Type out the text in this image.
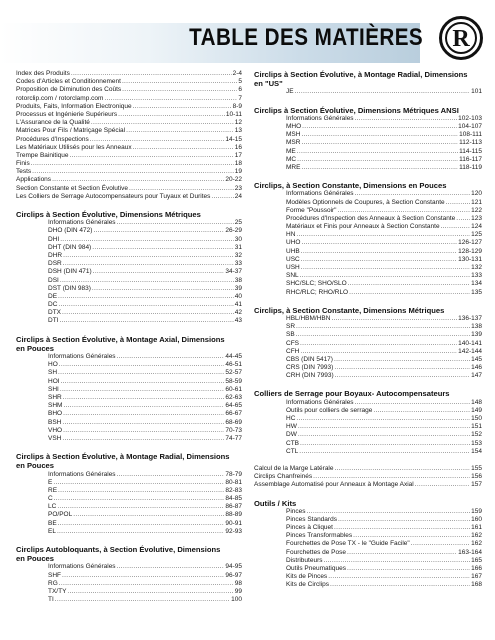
TABLE DES MATIÈRES R
Index des Produits .....	2-4
Codes d'Articles et Conditionnement .....	5
Proposition de Diminution des Coûts .....	6
rotorclip.com / rotorclamp.com .....	7
Produits, Faits, Information Electronique .....	8-9
Processus et Ingénierie Supérieurs .....	10-11
L'Assurance de la Qualité .....	12
Matrices Pour Fils / Matriçage Spécial .....	13
Procédures d'Inspections .....	14-15
Les Matériaux Utilisés pour les Anneaux .....	16
Trempe Bainitique .....	17
Finis .....	18
Tests .....	19
Applications .....	20-22
Section Constante et Section Évolutive .....	23
Les Colliers de Serrage Autocompensateurs pour Tuyaux et Durites .....	24
Circlips à Section Évolutive, Dimensions Métriques
Informations Générales .....	25
DHO (DIN 472) .....	26-29
DHI .....	30
DHT (DIN 984) .....	31
DHR .....	32
DSR .....	33
DSH (DIN 471) .....	34-37
DSI .....	38
DST (DIN 983) .....	39
DE .....	40
DC .....	41
DTX .....	42
DTI .....	43
Circlips à Section Évolutive, à Montage Axial, Dimensions
en Pouces
Informations Générales .....	44-45
HO .....	46-51
SH .....	52-57
HOI .....	58-59
SHI .....	60-61
SHR .....	62-63
SHM .....	64-65
BHO .....	66-67
BSH .....	68-69
VHO .....	70-73
VSH .....	74-77
Circlips à Section Évolutive, à Montage Radial, Dimensions
en Pouces
Informations Générales .....	78-79
E .....	80-81
RE .....	82-83
C .....	84-85
LC .....	86-87
PO/POL .....	88-89
BE .....	90-91
EL .....	92-93
Circlips Autobloquants, à Section Évolutive, Dimensions
en Pouces
Informations Générales .....	94-95
SHF .....	96-97
RG .....	98
TX/TY .....	99
TI .....	100
Circlips à Section Évolutive, à Montage Radial, Dimensions
en "US"
JE .....	101
Circlips à Section Évolutive, Dimensions Métriques ANSI
Informations Générales .....	102-103
MHO .....	104-107
MSH .....	108-111
MSR .....	112-113
ME .....	114-115
MC .....	116-117
MRE .....	118-119
Circlips, à Section Constante, Dimensions en Pouces
Informations Générales .....	120
Modèles Optionnels de Coupures, à Section Constante .....	121
Forme "Poussoir" .....	122
Procédures d'Inspection des Anneaux à Section Constante ..... 123
Matériaux et Finis pour Anneaux à Section Constante .....	124
HN .....	125
UHO .....	126-127
UHB .....	128-129
USC .....	130-131
USH .....	132
SNL .....	133
SHC/SLC; SHO/SLO .....	134
RHC/RLC; RHO/RLO .....	135
Circlips, à Section Constante, Dimensions Métriques
HBL/HBM/HBN .....	136-137
SR .....	138
SB .....	139
CFS .....	140-141
CFH .....	142-144
CBS (DIN 5417) .....	145
CRS (DIN 7993) .....	146
CRH (DIN 7993) .....	147
Colliers de Serrage pour Boyaux- Autocompensateurs
Informations Générales .....	148
Outils pour colliers de serrage .....	149
HC .....	150
HW .....	151
DW .....	152
CTB .....	153
CTL .....	154
Calcul de la Marge Latérale .....	155
Circlips Chanfreinés .....	156
Assemblage Automatisé pour Anneaux à Montage Axial .....	157
Outils / Kits
Pinces .....	159
Pinces Standards .....	160
Pinces à Cliquet .....	161
Pinces Transformables .....	162
Fourchettes de Pose TX - le "Guide Facile" .....	162
Fourchettes de Pose .....	163-164
Distributeurs .....	165
Outils Pneumatiques .....	166
Kits de Pinces .....	167
Kits de Circlips .....	168
